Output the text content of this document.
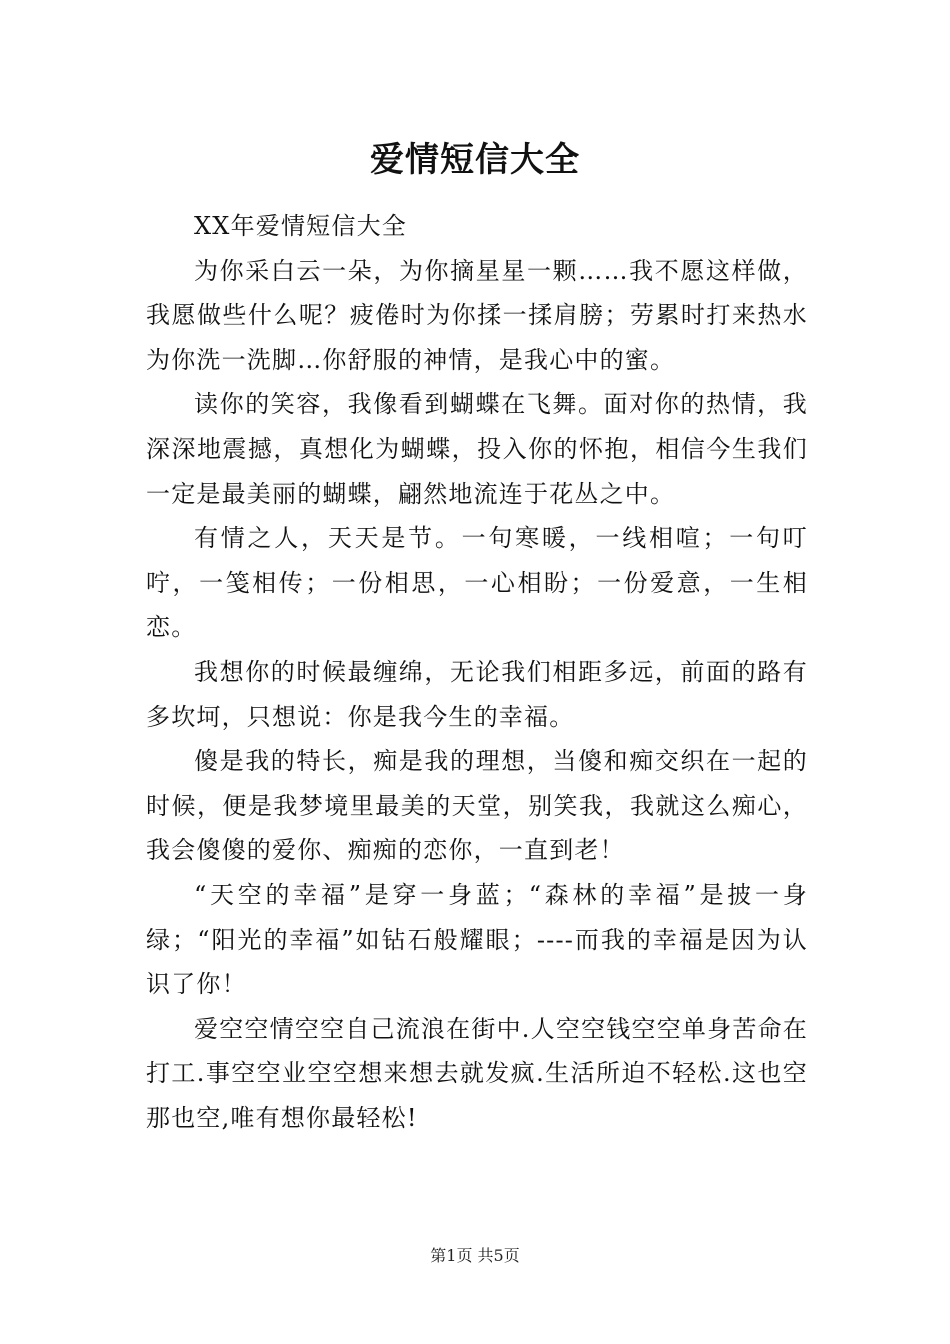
爱情短信大全

XX年爱情短信大全

为你采白云一朵，为你摘星星一颗……我不愿这样做，我愿做些什么呢？疲倦时为你揉一揉肩膀；劳累时打来热水为你洗一洗脚…你舒服的神情，是我心中的蜜。

读你的笑容，我像看到蝴蝶在飞舞。面对你的热情，我深深地震撼，真想化为蝴蝶，投入你的怀抱，相信今生我们一定是最美丽的蝴蝶，翩然地流连于花丛之中。

有情之人，天天是节。一句寒暖，一线相喧；一句叮咛，一笺相传；一份相思，一心相盼；一份爱意，一生相恋。

我想你的时候最缠绵，无论我们相距多远，前面的路有多坎坷，只想说：你是我今生的幸福。

傻是我的特长，痴是我的理想，当傻和痴交织在一起的时候，便是我梦境里最美的天堂，别笑我，我就这么痴心，我会傻傻的爱你、痴痴的恋你，一直到老！

“天空的幸福”是穿一身蓝；“森林的幸福”是披一身绿；“阳光的幸福”如钻石般耀眼；----而我的幸福是因为认识了你！

爱空空情空空自己流浪在街中.人空空钱空空单身苦命在打工.事空空业空空想来想去就发疯.生活所迫不轻松.这也空那也空,唯有想你最轻松!

第1页 共5页
